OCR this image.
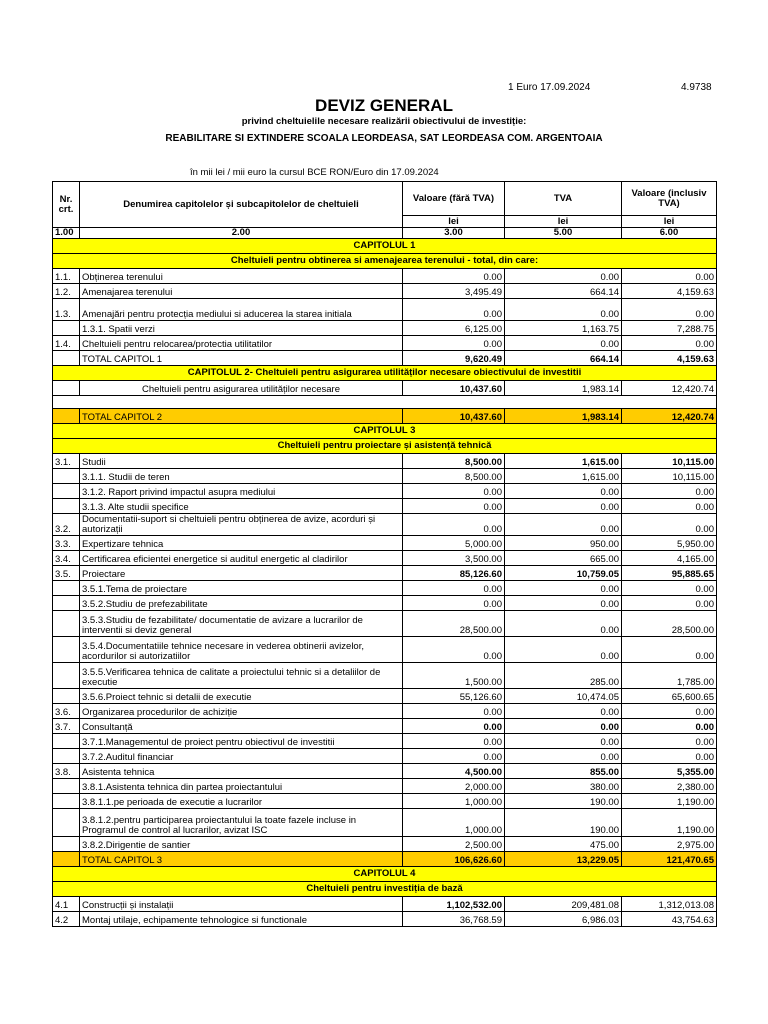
1 Euro 17.09.2024	4.9738
DEVIZ GENERAL
privind cheltuielile necesare realizării obiectivului de investiție:
REABILITARE SI EXTINDERE SCOALA LEORDEASA, SAT LEORDEASA COM. ARGENTOAIA
în mii lei / mii euro la cursul BCE RON/Euro din 17.09.2024
Nr. crt.	Denumirea capitolelor și subcapitolelor de cheltuieli	Valoare (fără TVA)	TVA	Valoare (inclusiv TVA)
		lei	lei	lei
1.00	2.00	3.00	5.00	6.00
CAPITOLUL 1				
Cheltuieli pentru obtinerea si amenajearea terenului - total, din care:				
1.1.	Obținerea terenului	0.00	0.00	0.00
1.2.	Amenajarea terenului	3,495.49	664.14	4,159.63
1.3.	Amenajări pentru protecția mediului si aducerea la starea initiala	0.00	0.00	0.00
	1.3.1. Spatii verzi	6,125.00	1,163.75	7,288.75
1.4.	Cheltuieli pentru relocarea/protectia utilitatilor	0.00	0.00	0.00
	TOTAL CAPITOL 1	9,620.49	664.14	4,159.63
CAPITOLUL 2- Cheltuieli pentru asigurarea utilităților necesare obiectivului de investitii				
	Cheltuieli pentru asigurarea utilităților necesare	10,437.60	1,983.14	12,420.74

	TOTAL CAPITOL 2	10,437.60	1,983.14	12,420.74
CAPITOLUL 3				
Cheltuieli pentru proiectare și asistență tehnică				
3.1.	Studii	8,500.00	1,615.00	10,115.00
	3.1.1. Studii de teren	8,500.00	1,615.00	10,115.00
	3.1.2. Raport privind impactul asupra mediului	0.00	0.00	0.00
	3.1.3. Alte studii specifice	0.00	0.00	0.00
3.2.	Documentatii-suport si cheltuieli pentru obținerea de avize, acorduri și autorizații	0.00	0.00	0.00
3.3.	Expertizare tehnica	5,000.00	950.00	5,950.00
3.4.	Certificarea eficientei energetice si auditul energetic al cladirilor	3,500.00	665.00	4,165.00
3.5.	Proiectare	85,126.60	10,759.05	95,885.65
	3.5.1.Tema de proiectare	0.00	0.00	0.00
	3.5.2.Studiu de prefezabilitate	0.00	0.00	0.00
	3.5.3.Studiu de fezabilitate/ documentatie de avizare a lucrarilor de interventii si deviz general	28,500.00	0.00	28,500.00
	3.5.4.Documentatiile tehnice necesare in vederea obtinerii avizelor, acordurilor si autorizatiilor	0.00	0.00	0.00
	3.5.5.Verificarea tehnica de calitate a proiectului tehnic si a detaliilor de executie	1,500.00	285.00	1,785.00
	3.5.6.Proiect tehnic si detalii de executie	55,126.60	10,474.05	65,600.65
3.6.	Organizarea procedurilor de achiziție	0.00	0.00	0.00
3.7.	Consultanță	0.00	0.00	0.00
	3.7.1.Managementul de proiect pentru obiectivul de investitii	0.00	0.00	0.00
	3.7.2.Auditul financiar	0.00	0.00	0.00
3.8.	Asistenta tehnica	4,500.00	855.00	5,355.00
	3.8.1.Asistenta tehnica din partea proiectantului	2,000.00	380.00	2,380.00
	3.8.1.1.pe perioada de executie a lucrarilor	1,000.00	190.00	1,190.00
	3.8.1.2.pentru participarea proiectantului la toate fazele incluse in Programul de control al lucrarilor, avizat ISC	1,000.00	190.00	1,190.00
	3.8.2.Dirigentie de santier	2,500.00	475.00	2,975.00
	TOTAL CAPITOL 3	106,626.60	13,229.05	121,470.65
CAPITOLUL 4				
Cheltuieli pentru investiția de bază				
4.1	Construcții și instalații	1,102,532.00	209,481.08	1,312,013.08
4.2	Montaj utilaje, echipamente tehnologice si functionale	36,768.59	6,986.03	43,754.63
